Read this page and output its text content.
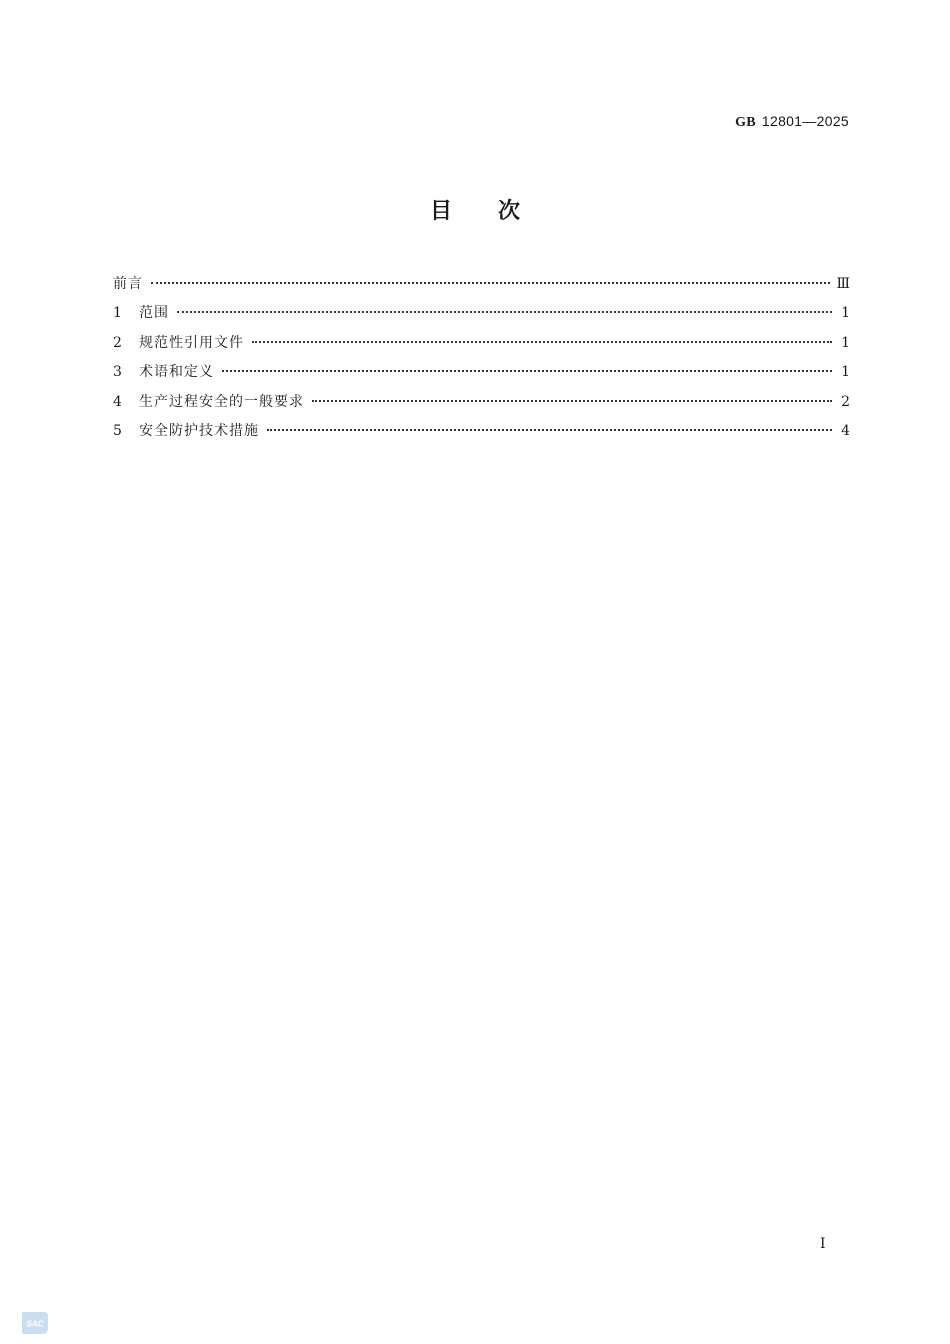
GB 12801—2025
目次
前言	Ⅲ
1	范围	1
2	规范性引用文件	1
3	术语和定义	1
4	生产过程安全的一般要求	2
5	安全防护技术措施	4
I
SAC
